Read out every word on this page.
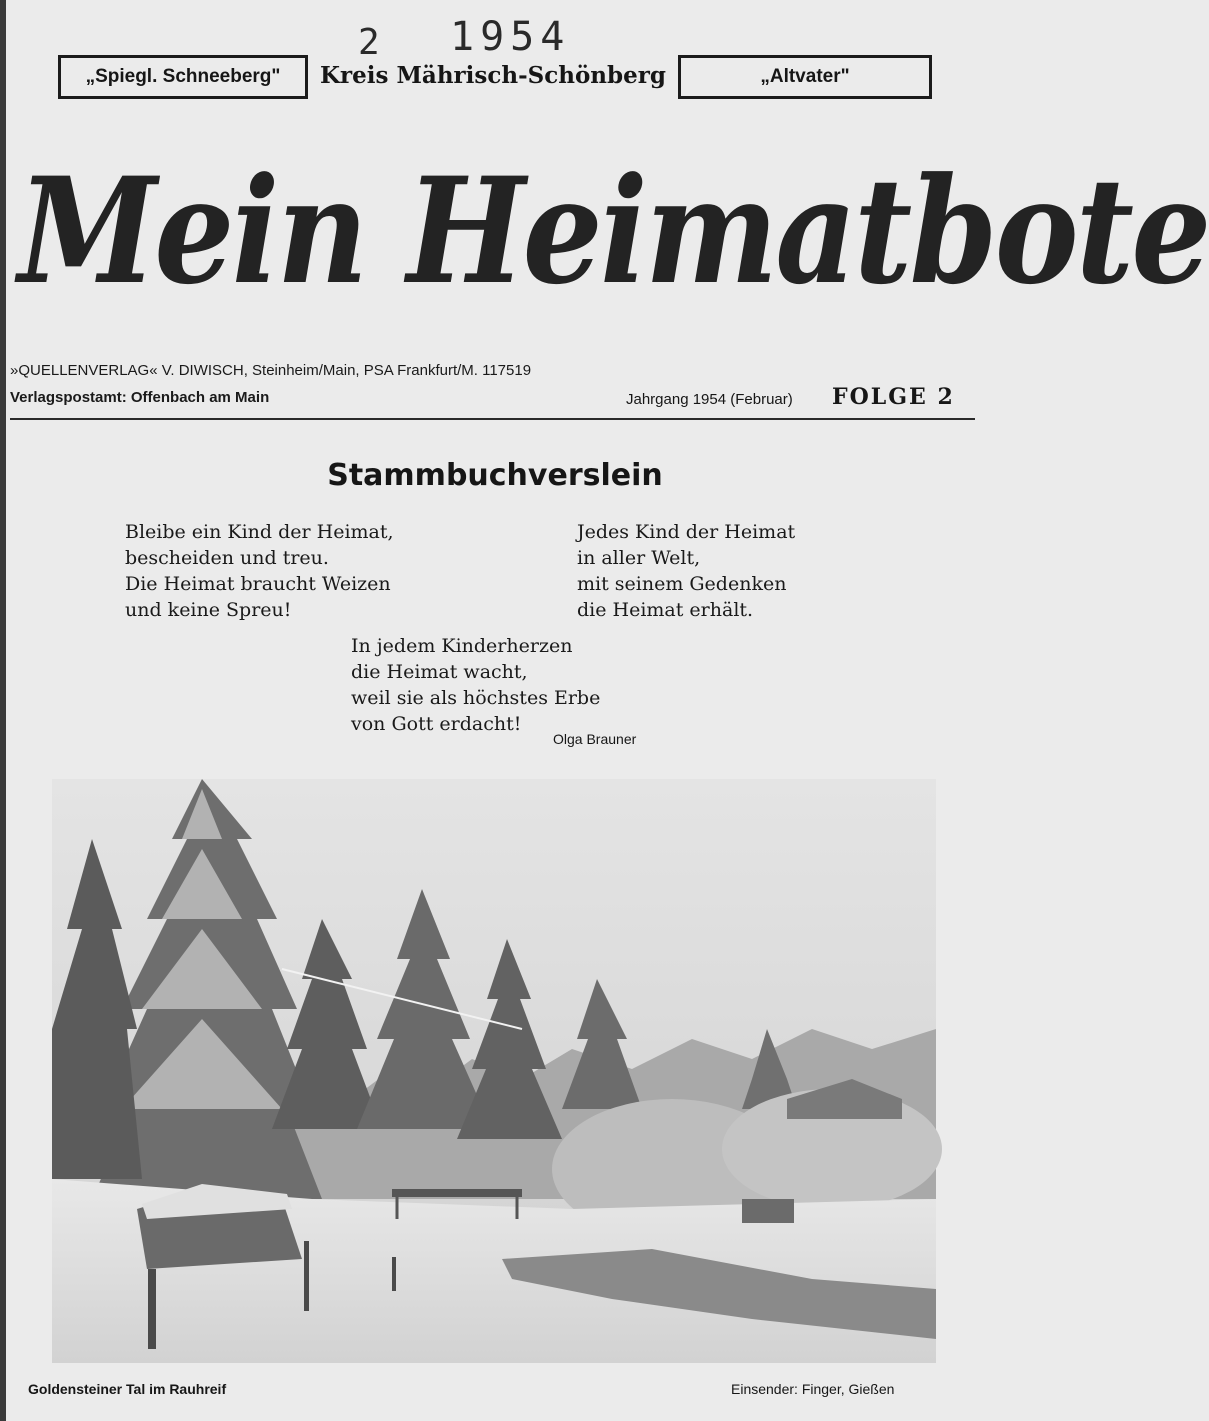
2 1954
„Spiegl. Schneeberg" Kreis Mährisch-Schönberg	„Altvater"
Mein Heimatbote
»QUELLENVERLAG« V. DIWISCH, Steinheim/Main, PSA Frankfurt/M. 117519
Verlagspostamt: Offenbach am Main	Jahrgang 1954 (Februar) FOLGE 2
Stammbuchverslein
Bleibe ein Kind der Heimat,
bescheiden und treu.
Die Heimat braucht Weizen
und keine Spreu!
Jedes Kind der Heimat
in aller Welt,
mit seinem Gedenken
die Heimat erhält.
In jedem Kinderherzen
die Heimat wacht,
weil sie als höchstes Erbe
von Gott erdacht!
Olga Brauner
Goldensteiner Tal im Rauhreif	Einsender: Finger, Gießen
